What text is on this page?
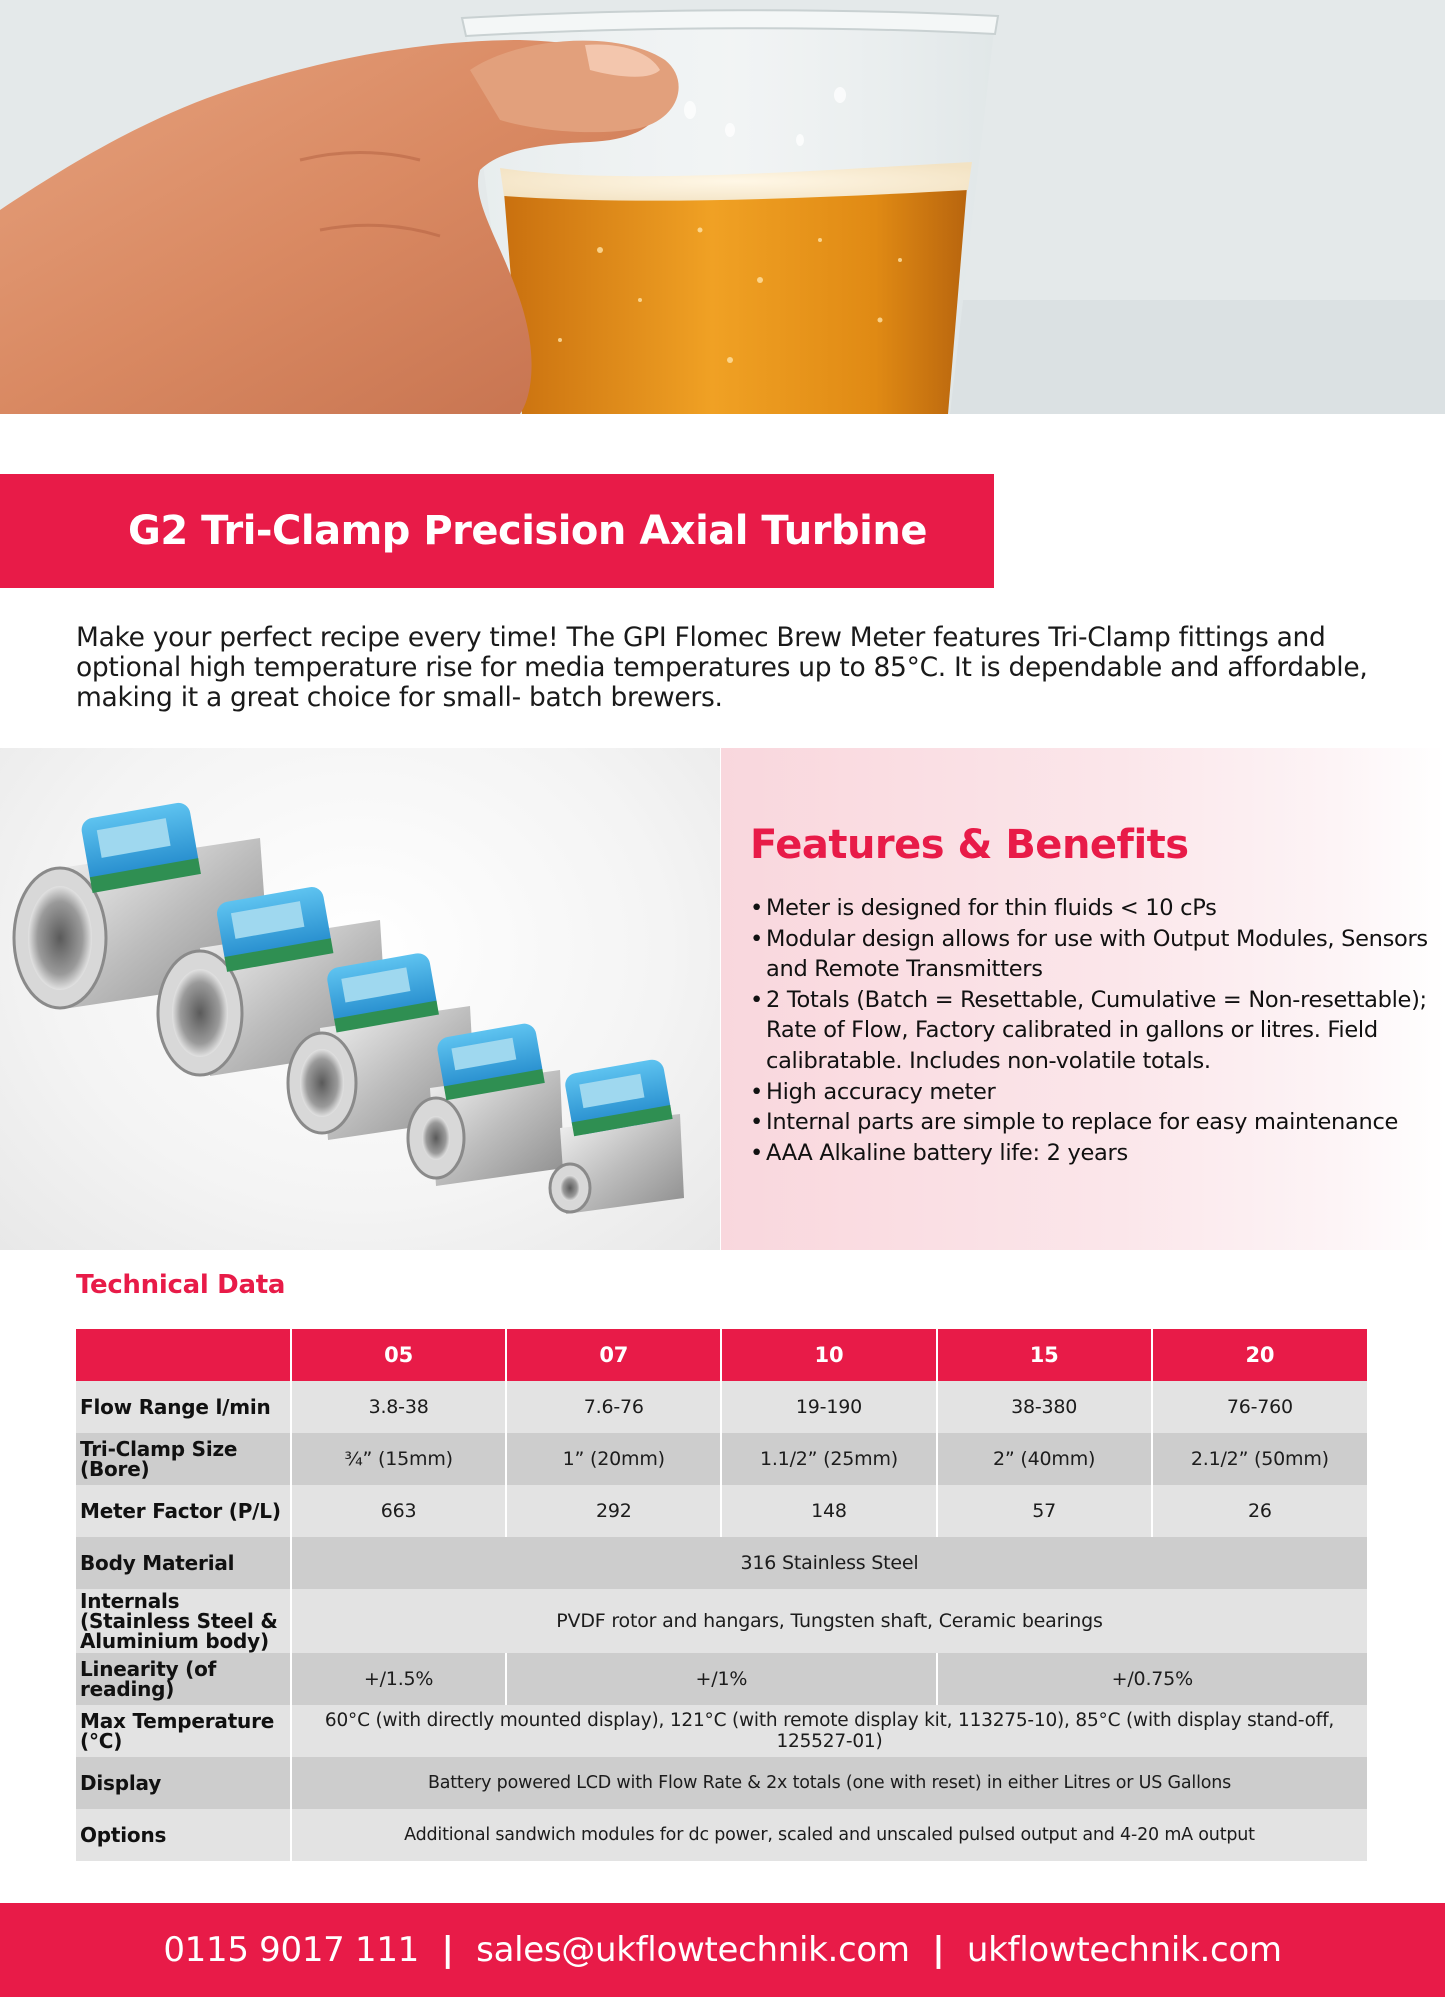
G2 Tri-Clamp Precision Axial Turbine
Make your perfect recipe every time! The GPI Flomec Brew Meter features Tri-Clamp fittings and optional high temperature rise for media temperatures up to 85°C. It is dependable and affordable, making it a great choice for small- batch brewers.
Features & Benefits
• Meter is designed for thin fluids < 10 cPs
• Modular design allows for use with Output Modules, Sensors and Remote Transmitters
• 2 Totals (Batch = Resettable, Cumulative = Non-resettable); Rate of Flow, Factory calibrated in gallons or litres. Field calibratable. Includes non-volatile totals.
• High accuracy meter
• Internal parts are simple to replace for easy maintenance
• AAA Alkaline battery life: 2 years
Technical Data
	05	07	10	15	20
Flow Range l/min	3.8-38	7.6-76	19-190	38-380	76-760
Tri-Clamp Size (Bore)	¾” (15mm)	1” (20mm)	1.1/2” (25mm)	2” (40mm)	2.1/2” (50mm)
Meter Factor (P/L)	663	292	148	57	26
Body Material	316 Stainless Steel				
Internals (Stainless Steel & Aluminium body)	PVDF rotor and hangars, Tungsten shaft, Ceramic bearings				
Linearity (of reading)	+/1.5%	+/1%		+/0.75%	
Max Temperature (°C)	60°C (with directly mounted display), 121°C (with remote display kit, 113275-10), 85°C (with display stand-off, 125527-01)				
Display	Battery powered LCD with Flow Rate & 2x totals (one with reset) in either Litres or US Gallons				
Options	Additional sandwich modules for dc power, scaled and unscaled pulsed output and 4-20 mA output				
0115 9017 111 | sales@ukflowtechnik.com | ukflowtechnik.com
